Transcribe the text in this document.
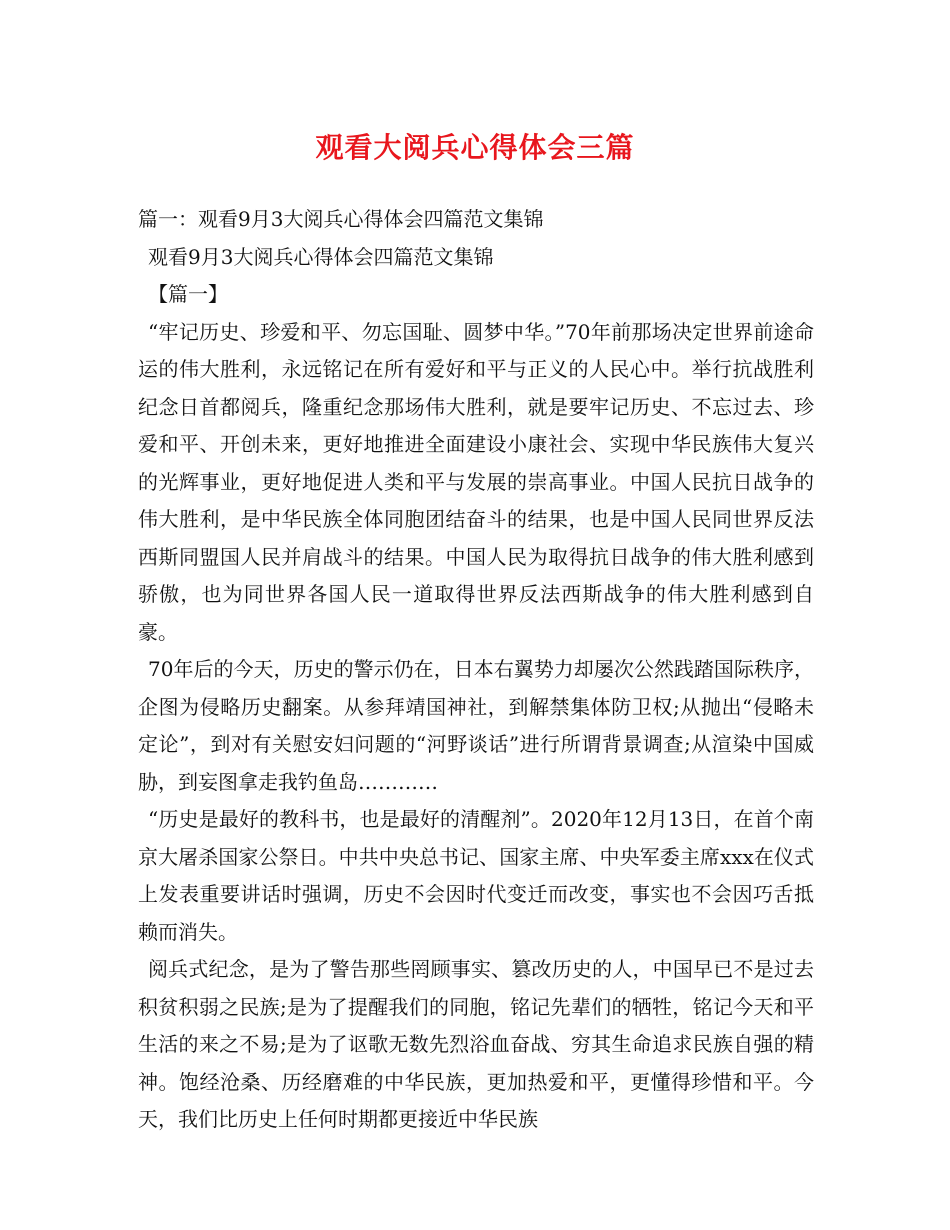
观看大阅兵心得体会三篇
篇一：观看9月3大阅兵心得体会四篇范文集锦
观看9月3大阅兵心得体会四篇范文集锦
【篇一】
“牢记历史、珍爱和平、勿忘国耻、圆梦中华。”70年前那场决定世界前途命运的伟大胜利，永远铭记在所有爱好和平与正义的人民心中。举行抗战胜利纪念日首都阅兵，隆重纪念那场伟大胜利，就是要牢记历史、不忘过去、珍爱和平、开创未来，更好地推进全面建设小康社会、实现中华民族伟大复兴的光辉事业，更好地促进人类和平与发展的崇高事业。中国人民抗日战争的伟大胜利，是中华民族全体同胞团结奋斗的结果，也是中国人民同世界反法西斯同盟国人民并肩战斗的结果。中国人民为取得抗日战争的伟大胜利感到骄傲，也为同世界各国人民一道取得世界反法西斯战争的伟大胜利感到自豪。
70年后的今天，历史的警示仍在，日本右翼势力却屡次公然践踏国际秩序，企图为侵略历史翻案。从参拜靖国神社，到解禁集体防卫权;从抛出“侵略未定论”，到对有关慰安妇问题的“河野谈话”进行所谓背景调查;从渲染中国威胁，到妄图拿走我钓鱼岛…………
“历史是最好的教科书，也是最好的清醒剂”。2020年12月13日，在首个南京大屠杀国家公祭日。中共中央总书记、国家主席、中央军委主席xxx在仪式上发表重要讲话时强调，历史不会因时代变迁而改变，事实也不会因巧舌抵赖而消失。
阅兵式纪念，是为了警告那些罔顾事实、篡改历史的人，中国早已不是过去积贫积弱之民族;是为了提醒我们的同胞，铭记先辈们的牺牲，铭记今天和平生活的来之不易;是为了讴歌无数先烈浴血奋战、穷其生命追求民族自强的精神。饱经沧桑、历经磨难的中华民族，更加热爱和平，更懂得珍惜和平。今天，我们比历史上任何时期都更接近中华民族
